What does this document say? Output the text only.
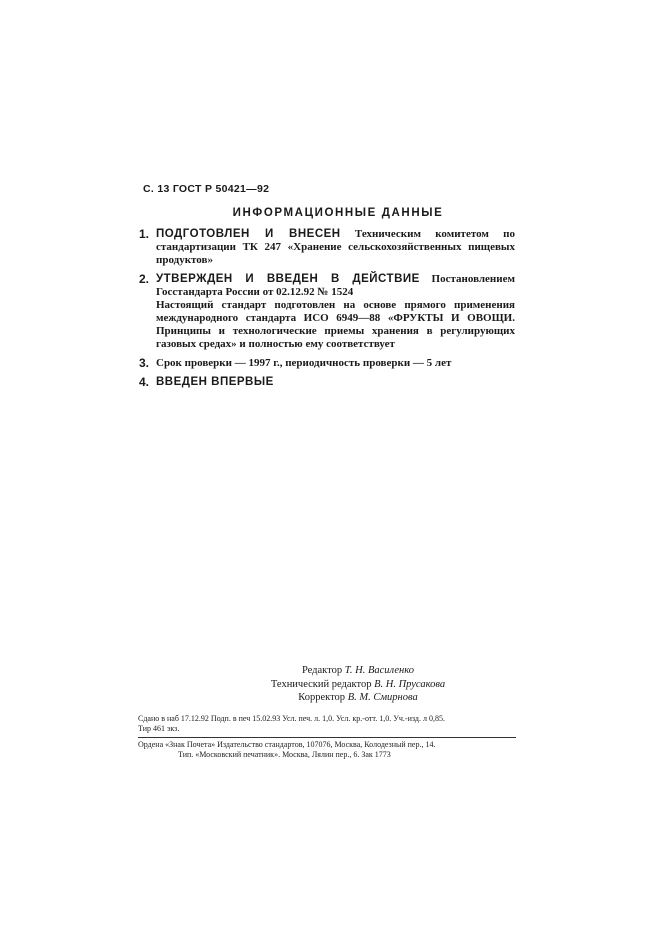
С. 13 ГОСТ Р 50421—92
ИНФОРМАЦИОННЫЕ ДАННЫЕ
1. ПОДГОТОВЛЕН И ВНЕСЕН Техническим комитетом по стандартизации ТК 247 «Хранение сельскохозяйственных пищевых продуктов»
2. УТВЕРЖДЕН И ВВЕДЕН В ДЕЙСТВИЕ Постановлением Госстандарта России от 02.12.92 № 1524
Настоящий стандарт подготовлен на основе прямого применения международного стандарта ИСО 6949—88 «ФРУКТЫ И ОВОЩИ. Принципы и технологические приемы хранения в регулирующих газовых средах» и полностью ему соответствует
3. Срок проверки — 1997 г., периодичность проверки — 5 лет
4. ВВЕДЕН ВПЕРВЫЕ
Редактор Т. Н. Василенко
Технический редактор В. Н. Прусакова
Корректор В. М. Смирнова
Сдано в наб 17.12.92 Подп. в печ 15.02.93 Усл. печ. л. 1,0. Усл. кр.-отт. 1,0. Уч.-изд. л 0,85.
Тир 461 экз.
Ордена «Знак Почета» Издательство стандартов, 107076, Москва, Колодезный пер., 14.
Тип. «Московский печатник». Москва, Лялин пер., 6. Зак 1773
